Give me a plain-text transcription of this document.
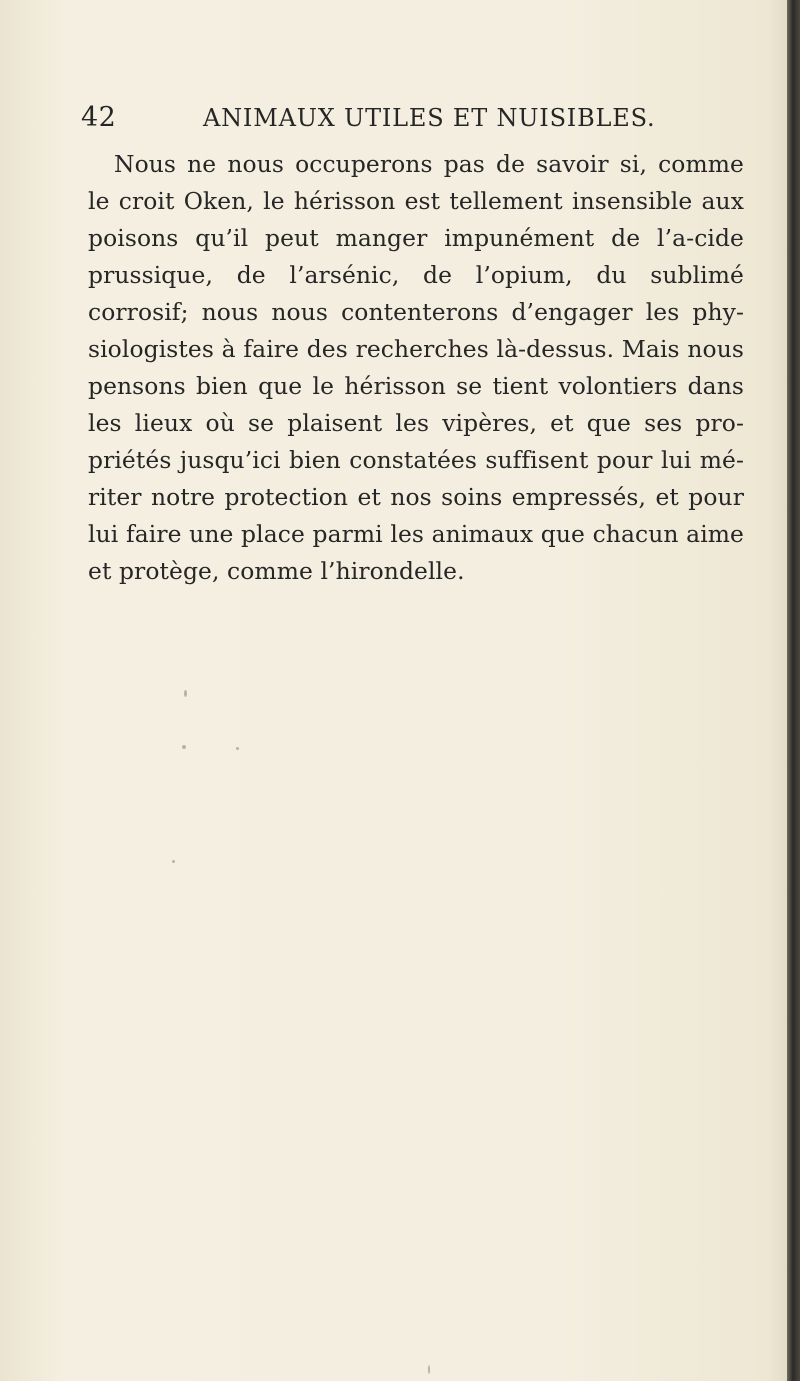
42	ANIMAUX UTILES ET NUISIBLES.

Nous ne nous occuperons pas de savoir si, comme le croit Oken, le hérisson est tellement insensible aux poisons qu’il peut manger impunément de l’a-cide prussique, de l’arsénic, de l’opium, du sublimé corrosif; nous nous contenterons d’engager les phy-siologistes à faire des recherches là-dessus. Mais nous pensons bien que le hérisson se tient volontiers dans les lieux où se plaisent les vipères, et que ses pro-priétés jusqu’ici bien constatées suffisent pour lui mé-riter notre protection et nos soins empressés, et pour lui faire une place parmi les animaux que chacun aime et protège, comme l’hirondelle.
